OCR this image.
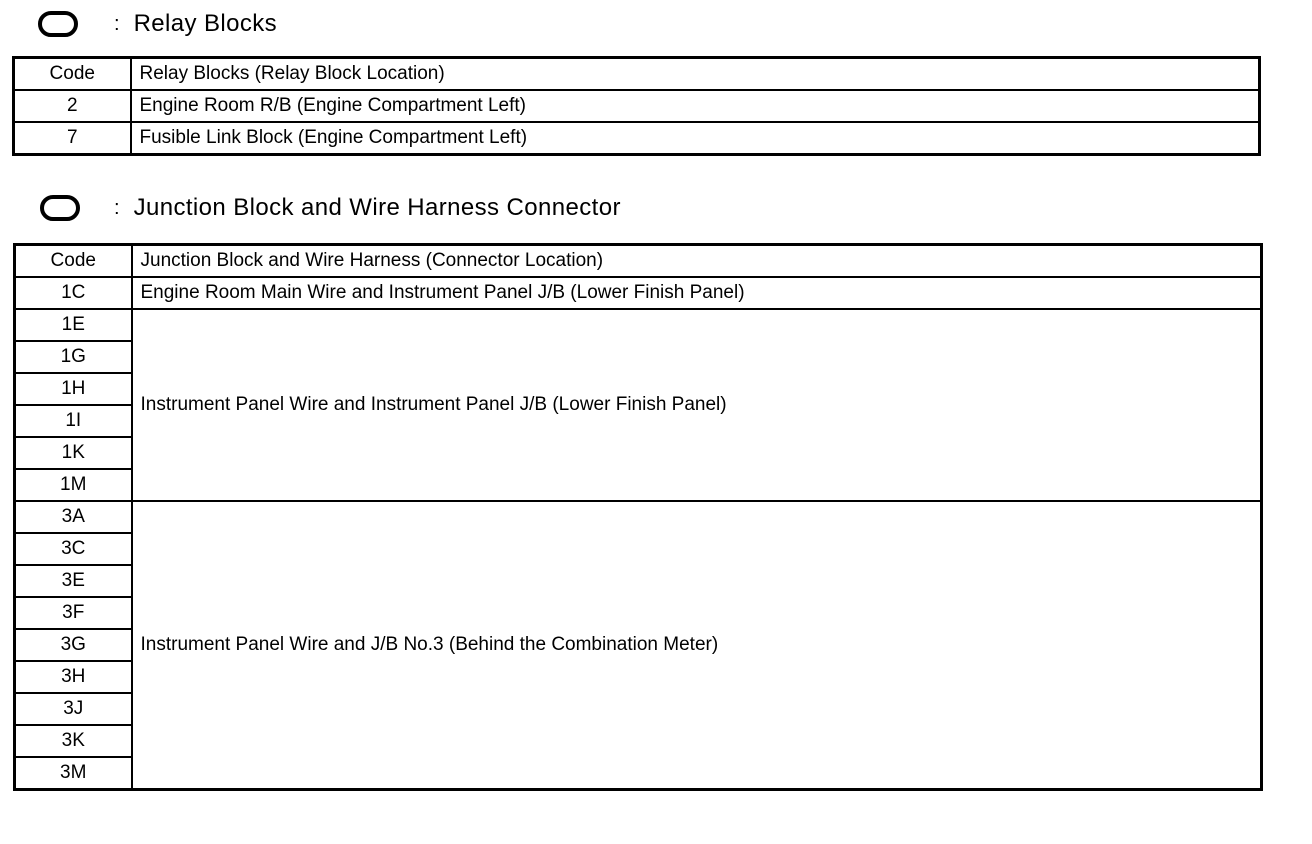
: Relay Blocks
Code	Relay Blocks (Relay Block Location)
2	Engine Room R/B (Engine Compartment Left)
7	Fusible Link Block (Engine Compartment Left)
: Junction Block and Wire Harness Connector
Code	Junction Block and Wire Harness (Connector Location)
1C	Engine Room Main Wire and Instrument Panel J/B (Lower Finish Panel)
1E	Instrument Panel Wire and Instrument Panel J/B (Lower Finish Panel)
1G	
1H	
1I	
1K	
1M	
3A	Instrument Panel Wire and J/B No.3 (Behind the Combination Meter)
3C	
3E	
3F	
3G	
3H	
3J	
3K	
3M	
